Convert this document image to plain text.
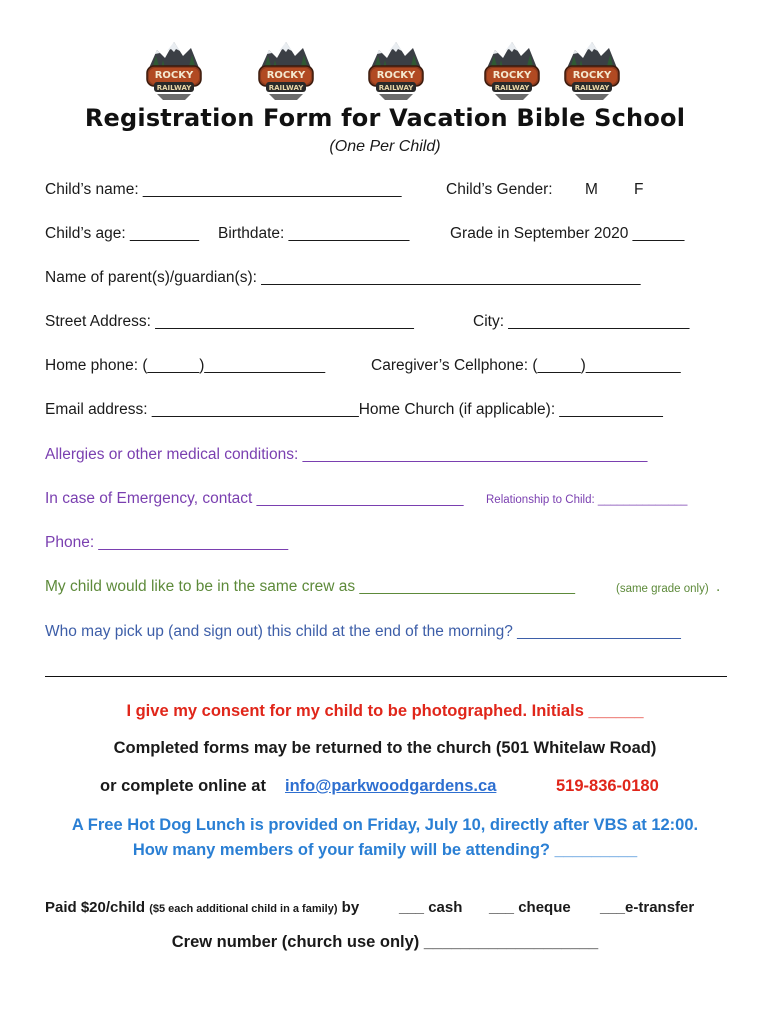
ROCKY
RAILWAY
ROCKY
RAILWAY
ROCKY
RAILWAY
ROCKY
RAILWAY
ROCKY
RAILWAY
Registration Form for Vacation Bible School
(One Per Child)
Child’s name: ______________________________	Child’s Gender: M F
Child’s age: ________ Birthdate: ______________	Grade in September 2020 ______
Name of parent(s)/guardian(s): ____________________________________________
Street Address: ______________________________	City: _____________________
Home phone: (______)______________	Caregiver’s Cellphone: (_____)___________
Email address: ________________________Home Church (if applicable): ____________
Allergies or other medical conditions: ________________________________________
In case of Emergency, contact ________________________ Relationship to Child: ______________
Phone: ______________________
My child would like to be in the same crew as _________________________	(same grade only) .
Who may pick up (and sign out) this child at the end of the morning? ___________________
I give my consent for my child to be photographed. Initials ______
Completed forms may be returned to the church (501 Whitelaw Road)
or complete online at info@parkwoodgardens.ca	519-836-0180
A Free Hot Dog Lunch is provided on Friday, July 10, directly after VBS at 12:00.
How many members of your family will be attending? _________
Paid $20/child ($5 each additional child in a family) by	___ cash ___ cheque ___e-transfer
Crew number (church use only) ___________________
